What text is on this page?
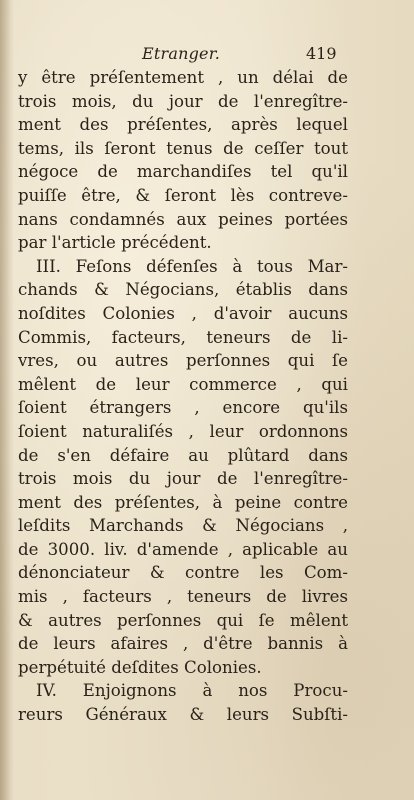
Etranger.	419
y être préſentement , un délai de
trois mois, du jour de l'enregître-
ment des préſentes, après lequel
tems, ils ſeront tenus de ceſſer tout
négoce de marchandiſes tel qu'il
puiſſe être, & ſeront lès contreve-
nans condamnés aux peines portées
par l'article précédent.
III. Feſons défenſes à tous Mar-
chands & Négocians, établis dans
noſdites Colonies , d'avoir aucuns
Commis, facteurs, teneurs de li-
vres, ou autres perſonnes qui ſe
mêlent de leur commerce , qui
ſoient étrangers , encore qu'ils
ſoient naturaliſés , leur ordonnons
de s'en défaire au plûtard dans
trois mois du jour de l'enregître-
ment des préſentes, à peine contre
leſdits Marchands & Négocians ,
de 3000. liv. d'amende , aplicable au
dénonciateur & contre les Com-
mis , facteurs , teneurs de livres
& autres perſonnes qui ſe mêlent
de leurs afaires , d'être bannis à
perpétuité deſdites Colonies.
IV. Enjoignons à nos Procu-
reurs Généraux & leurs Subſti-
